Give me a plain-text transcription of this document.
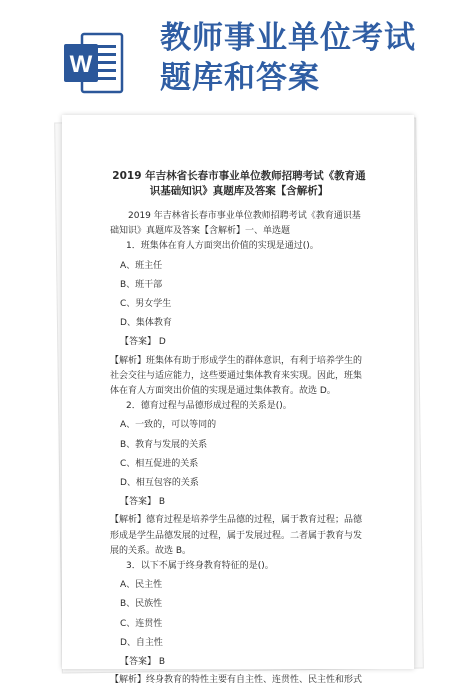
W
教师事业单位考试
题库和答案
2019 年吉林省长春市事业单位教师招聘考试《教育通识基础知识》真题库及答案【含解析】

2019 年吉林省长春市事业单位教师招聘考试《教育通识基础知识》真题库及答案【含解析】一、单选题

1．班集体在育人方面突出价值的实现是通过()。

A、班主任

B、班干部

C、男女学生

D、集体教育

【答案】 D

【解析】班集体有助于形成学生的群体意识，有利于培养学生的社会交往与适应能力，这些要通过集体教育来实现。因此，班集体在育人方面突出价值的实现是通过集体教育。故选 D。

2．德育过程与品德形成过程的关系是()。

A、一致的，可以等同的

B、教育与发展的关系

C、相互促进的关系

D、相互包容的关系

【答案】 B

【解析】德育过程是培养学生品德的过程，属于教育过程；品德形成是学生品德发展的过程，属于发展过程。二者属于教育与发展的关系。故选 B。

3．以下不属于终身教育特征的是()。

A、民主性

B、民族性

C、连贯性

D、自主性

【答案】 B

【解析】终身教育的特性主要有自主性、连贯性、民主性和形式
